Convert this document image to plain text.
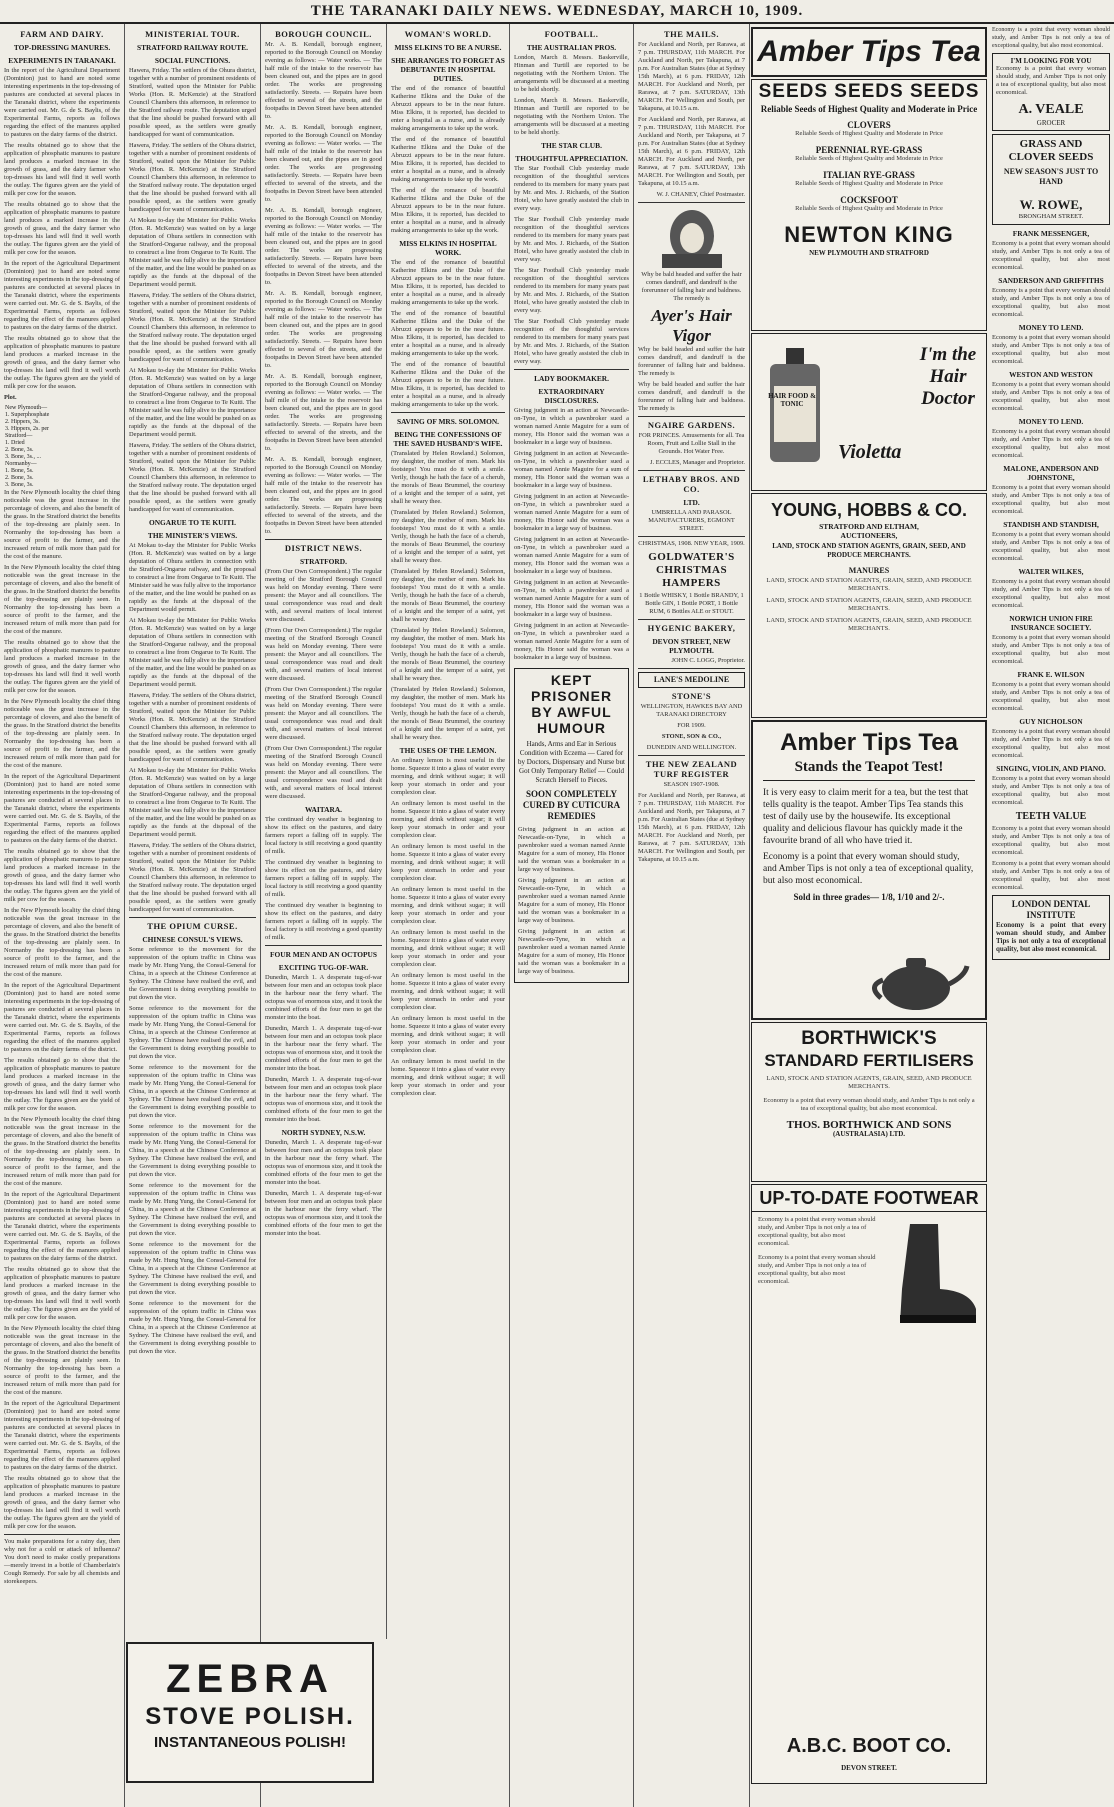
THE TARANAKI DAILY NEWS. WEDNESDAY, MARCH 10, 1909.
FARM AND DAIRY.
TOP-DRESSING MANURES.
EXPERIMENTS IN TARANAKI.

In the report of the Agricultural Department (Dominion) just to hand are noted some interesting experiments in the top-dressing of pastures are conducted at several places in the Taranaki district, where the experiments were carried out. Mr. G. de S. Baylis, of the Experimental Farms, reports as follows regarding the effect of the manures applied to pastures on the dairy farms of the district.

The results obtained go to show that the application of phosphatic manures to pasture land produces a marked increase in the growth of grass, and the dairy farmer who top-dresses his land will find it well worth the outlay. The figures given are the yield of milk per cow for the season.

The results obtained go to show that the application of phosphatic manures to pasture land produces a marked increase in the growth of grass, and the dairy farmer who top-dresses his land will find it well worth the outlay. The figures given are the yield of milk per cow for the season.

In the report of the Agricultural Department (Dominion) just to hand are noted some interesting experiments in the top-dressing of pastures are conducted at several places in the Taranaki district, where the experiments were carried out. Mr. G. de S. Baylis, of the Experimental Farms, reports as follows regarding the effect of the manures applied to pastures on the dairy farms of the district.

The results obtained go to show that the application of phosphatic manures to pasture land produces a marked increase in the growth of grass, and the dairy farmer who top-dresses his land will find it well worth the outlay. The figures given are the yield of milk per cow for the season.

Plot.

New Plymouth—
1. Superphosphate
2. Hippers, 3s.
3. Hippers, 2s. per
Stratford—
1. Dried
2. Bone, 3s.
3. Bone, 3s., ...
Normanby—
1. Bone, 5s.
2. Bone, 3s.
3. Bone, 3s.

In the New Plymouth locality the chief thing noticeable was the great increase in the percentage of clovers, and also the benefit of the grass. In the Stratford district the benefits of the top-dressing are plainly seen. In Normanby the top-dressing has been a source of profit to the farmer, and the increased return of milk more than paid for the cost of the manure.

In the New Plymouth locality the chief thing noticeable was the great increase in the percentage of clovers, and also the benefit of the grass. In the Stratford district the benefits of the top-dressing are plainly seen. In Normanby the top-dressing has been a source of profit to the farmer, and the increased return of milk more than paid for the cost of the manure.

The results obtained go to show that the application of phosphatic manures to pasture land produces a marked increase in the growth of grass, and the dairy farmer who top-dresses his land will find it well worth the outlay. The figures given are the yield of milk per cow for the season.

In the New Plymouth locality the chief thing noticeable was the great increase in the percentage of clovers, and also the benefit of the grass. In the Stratford district the benefits of the top-dressing are plainly seen. In Normanby the top-dressing has been a source of profit to the farmer, and the increased return of milk more than paid for the cost of the manure.

In the report of the Agricultural Department (Dominion) just to hand are noted some interesting experiments in the top-dressing of pastures are conducted at several places in the Taranaki district, where the experiments were carried out. Mr. G. de S. Baylis, of the Experimental Farms, reports as follows regarding the effect of the manures applied to pastures on the dairy farms of the district.

The results obtained go to show that the application of phosphatic manures to pasture land produces a marked increase in the growth of grass, and the dairy farmer who top-dresses his land will find it well worth the outlay. The figures given are the yield of milk per cow for the season.

In the New Plymouth locality the chief thing noticeable was the great increase in the percentage of clovers, and also the benefit of the grass. In the Stratford district the benefits of the top-dressing are plainly seen. In Normanby the top-dressing has been a source of profit to the farmer, and the increased return of milk more than paid for the cost of the manure.

In the report of the Agricultural Department (Dominion) just to hand are noted some interesting experiments in the top-dressing of pastures are conducted at several places in the Taranaki district, where the experiments were carried out. Mr. G. de S. Baylis, of the Experimental Farms, reports as follows regarding the effect of the manures applied to pastures on the dairy farms of the district.

The results obtained go to show that the application of phosphatic manures to pasture land produces a marked increase in the growth of grass, and the dairy farmer who top-dresses his land will find it well worth the outlay. The figures given are the yield of milk per cow for the season.

In the New Plymouth locality the chief thing noticeable was the great increase in the percentage of clovers, and also the benefit of the grass. In the Stratford district the benefits of the top-dressing are plainly seen. In Normanby the top-dressing has been a source of profit to the farmer, and the increased return of milk more than paid for the cost of the manure.

In the report of the Agricultural Department (Dominion) just to hand are noted some interesting experiments in the top-dressing of pastures are conducted at several places in the Taranaki district, where the experiments were carried out. Mr. G. de S. Baylis, of the Experimental Farms, reports as follows regarding the effect of the manures applied to pastures on the dairy farms of the district.

The results obtained go to show that the application of phosphatic manures to pasture land produces a marked increase in the growth of grass, and the dairy farmer who top-dresses his land will find it well worth the outlay. The figures given are the yield of milk per cow for the season.

In the New Plymouth locality the chief thing noticeable was the great increase in the percentage of clovers, and also the benefit of the grass. In the Stratford district the benefits of the top-dressing are plainly seen. In Normanby the top-dressing has been a source of profit to the farmer, and the increased return of milk more than paid for the cost of the manure.

In the report of the Agricultural Department (Dominion) just to hand are noted some interesting experiments in the top-dressing of pastures are conducted at several places in the Taranaki district, where the experiments were carried out. Mr. G. de S. Baylis, of the Experimental Farms, reports as follows regarding the effect of the manures applied to pastures on the dairy farms of the district.

The results obtained go to show that the application of phosphatic manures to pasture land produces a marked increase in the growth of grass, and the dairy farmer who top-dresses his land will find it well worth the outlay. The figures given are the yield of milk per cow for the season.

You make preparations for a rainy day, then why not for a cold or attack of influenza? You don't need to make costly preparations—merely invest in a bottle of Chamberlain's Cough Remedy. For sale by all chemists and storekeepers.

MINISTERIAL TOUR.
STRATFORD RAILWAY ROUTE.
SOCIAL FUNCTIONS.

Hawera, Friday. The settlers of the Ohura district, together with a number of prominent residents of Stratford, waited upon the Minister for Public Works (Hon. R. McKenzie) at the Stratford Council Chambers this afternoon, in reference to the Stratford railway route. The deputation urged that the line should be pushed forward with all possible speed, as the settlers were greatly handicapped for want of communication.

Hawera, Friday. The settlers of the Ohura district, together with a number of prominent residents of Stratford, waited upon the Minister for Public Works (Hon. R. McKenzie) at the Stratford Council Chambers this afternoon, in reference to the Stratford railway route. The deputation urged that the line should be pushed forward with all possible speed, as the settlers were greatly handicapped for want of communication.

At Mokau to-day the Minister for Public Works (Hon. R. McKenzie) was waited on by a large deputation of Ohura settlers in connection with the Stratford-Ongarue railway, and the proposal to construct a line from Ongarue to Te Kuiti. The Minister said he was fully alive to the importance of the matter, and the line would be pushed on as rapidly as the funds at the disposal of the Department would permit.

Hawera, Friday. The settlers of the Ohura district, together with a number of prominent residents of Stratford, waited upon the Minister for Public Works (Hon. R. McKenzie) at the Stratford Council Chambers this afternoon, in reference to the Stratford railway route. The deputation urged that the line should be pushed forward with all possible speed, as the settlers were greatly handicapped for want of communication.

At Mokau to-day the Minister for Public Works (Hon. R. McKenzie) was waited on by a large deputation of Ohura settlers in connection with the Stratford-Ongarue railway, and the proposal to construct a line from Ongarue to Te Kuiti. The Minister said he was fully alive to the importance of the matter, and the line would be pushed on as rapidly as the funds at the disposal of the Department would permit.

Hawera, Friday. The settlers of the Ohura district, together with a number of prominent residents of Stratford, waited upon the Minister for Public Works (Hon. R. McKenzie) at the Stratford Council Chambers this afternoon, in reference to the Stratford railway route. The deputation urged that the line should be pushed forward with all possible speed, as the settlers were greatly handicapped for want of communication.

ONGARUE TO TE KUITI.
THE MINISTER'S VIEWS.

At Mokau to-day the Minister for Public Works (Hon. R. McKenzie) was waited on by a large deputation of Ohura settlers in connection with the Stratford-Ongarue railway, and the proposal to construct a line from Ongarue to Te Kuiti. The Minister said he was fully alive to the importance of the matter, and the line would be pushed on as rapidly as the funds at the disposal of the Department would permit.

At Mokau to-day the Minister for Public Works (Hon. R. McKenzie) was waited on by a large deputation of Ohura settlers in connection with the Stratford-Ongarue railway, and the proposal to construct a line from Ongarue to Te Kuiti. The Minister said he was fully alive to the importance of the matter, and the line would be pushed on as rapidly as the funds at the disposal of the Department would permit.

Hawera, Friday. The settlers of the Ohura district, together with a number of prominent residents of Stratford, waited upon the Minister for Public Works (Hon. R. McKenzie) at the Stratford Council Chambers this afternoon, in reference to the Stratford railway route. The deputation urged that the line should be pushed forward with all possible speed, as the settlers were greatly handicapped for want of communication.

At Mokau to-day the Minister for Public Works (Hon. R. McKenzie) was waited on by a large deputation of Ohura settlers in connection with the Stratford-Ongarue railway, and the proposal to construct a line from Ongarue to Te Kuiti. The Minister said he was fully alive to the importance of the matter, and the line would be pushed on as rapidly as the funds at the disposal of the Department would permit.

Hawera, Friday. The settlers of the Ohura district, together with a number of prominent residents of Stratford, waited upon the Minister for Public Works (Hon. R. McKenzie) at the Stratford Council Chambers this afternoon, in reference to the Stratford railway route. The deputation urged that the line should be pushed forward with all possible speed, as the settlers were greatly handicapped for want of communication.

THE OPIUM CURSE.
CHINESE CONSUL'S VIEWS.

Some reference to the movement for the suppression of the opium traffic in China was made by Mr. Hung Yung, the Consul-General for China, in a speech at the Chinese Conference at Sydney. The Chinese have realised the evil, and the Government is doing everything possible to put down the vice.

Some reference to the movement for the suppression of the opium traffic in China was made by Mr. Hung Yung, the Consul-General for China, in a speech at the Chinese Conference at Sydney. The Chinese have realised the evil, and the Government is doing everything possible to put down the vice.

Some reference to the movement for the suppression of the opium traffic in China was made by Mr. Hung Yung, the Consul-General for China, in a speech at the Chinese Conference at Sydney. The Chinese have realised the evil, and the Government is doing everything possible to put down the vice.

Some reference to the movement for the suppression of the opium traffic in China was made by Mr. Hung Yung, the Consul-General for China, in a speech at the Chinese Conference at Sydney. The Chinese have realised the evil, and the Government is doing everything possible to put down the vice.

Some reference to the movement for the suppression of the opium traffic in China was made by Mr. Hung Yung, the Consul-General for China, in a speech at the Chinese Conference at Sydney. The Chinese have realised the evil, and the Government is doing everything possible to put down the vice.

Some reference to the movement for the suppression of the opium traffic in China was made by Mr. Hung Yung, the Consul-General for China, in a speech at the Chinese Conference at Sydney. The Chinese have realised the evil, and the Government is doing everything possible to put down the vice.

Some reference to the movement for the suppression of the opium traffic in China was made by Mr. Hung Yung, the Consul-General for China, in a speech at the Chinese Conference at Sydney. The Chinese have realised the evil, and the Government is doing everything possible to put down the vice.

ZEBRA
STOVE POLISH.
INSTANTANEOUS POLISH!
BOROUGH COUNCIL.

Mr. A. B. Kendall, borough engineer, reported to the Borough Council on Monday evening as follows: — Water works. — The half mile of the intake to the reservoir has been cleaned out, and the pipes are in good order. The works are progressing satisfactorily. Streets. — Repairs have been effected to several of the streets, and the footpaths in Devon Street have been attended to.

Mr. A. B. Kendall, borough engineer, reported to the Borough Council on Monday evening as follows: — Water works. — The half mile of the intake to the reservoir has been cleaned out, and the pipes are in good order. The works are progressing satisfactorily. Streets. — Repairs have been effected to several of the streets, and the footpaths in Devon Street have been attended to.

Mr. A. B. Kendall, borough engineer, reported to the Borough Council on Monday evening as follows: — Water works. — The half mile of the intake to the reservoir has been cleaned out, and the pipes are in good order. The works are progressing satisfactorily. Streets. — Repairs have been effected to several of the streets, and the footpaths in Devon Street have been attended to.

Mr. A. B. Kendall, borough engineer, reported to the Borough Council on Monday evening as follows: — Water works. — The half mile of the intake to the reservoir has been cleaned out, and the pipes are in good order. The works are progressing satisfactorily. Streets. — Repairs have been effected to several of the streets, and the footpaths in Devon Street have been attended to.

Mr. A. B. Kendall, borough engineer, reported to the Borough Council on Monday evening as follows: — Water works. — The half mile of the intake to the reservoir has been cleaned out, and the pipes are in good order. The works are progressing satisfactorily. Streets. — Repairs have been effected to several of the streets, and the footpaths in Devon Street have been attended to.

Mr. A. B. Kendall, borough engineer, reported to the Borough Council on Monday evening as follows: — Water works. — The half mile of the intake to the reservoir has been cleaned out, and the pipes are in good order. The works are progressing satisfactorily. Streets. — Repairs have been effected to several of the streets, and the footpaths in Devon Street have been attended to.

DISTRICT NEWS.
STRATFORD.

(From Our Own Correspondent.) The regular meeting of the Stratford Borough Council was held on Monday evening. There were present: the Mayor and all councillors. The usual correspondence was read and dealt with, and several matters of local interest were discussed.

(From Our Own Correspondent.) The regular meeting of the Stratford Borough Council was held on Monday evening. There were present: the Mayor and all councillors. The usual correspondence was read and dealt with, and several matters of local interest were discussed.

(From Our Own Correspondent.) The regular meeting of the Stratford Borough Council was held on Monday evening. There were present: the Mayor and all councillors. The usual correspondence was read and dealt with, and several matters of local interest were discussed.

(From Our Own Correspondent.) The regular meeting of the Stratford Borough Council was held on Monday evening. There were present: the Mayor and all councillors. The usual correspondence was read and dealt with, and several matters of local interest were discussed.

WAITARA.

The continued dry weather is beginning to show its effect on the pastures, and dairy farmers report a falling off in supply. The local factory is still receiving a good quantity of milk.

The continued dry weather is beginning to show its effect on the pastures, and dairy farmers report a falling off in supply. The local factory is still receiving a good quantity of milk.

The continued dry weather is beginning to show its effect on the pastures, and dairy farmers report a falling off in supply. The local factory is still receiving a good quantity of milk.

FOUR MEN AND AN OCTOPUS
EXCITING TUG-OF-WAR.

Dunedin, March 1. A desperate tug-of-war between four men and an octopus took place in the harbour near the ferry wharf. The octopus was of enormous size, and it took the combined efforts of the four men to get the monster into the boat.

Dunedin, March 1. A desperate tug-of-war between four men and an octopus took place in the harbour near the ferry wharf. The octopus was of enormous size, and it took the combined efforts of the four men to get the monster into the boat.

Dunedin, March 1. A desperate tug-of-war between four men and an octopus took place in the harbour near the ferry wharf. The octopus was of enormous size, and it took the combined efforts of the four men to get the monster into the boat.

NORTH SYDNEY, N.S.W.

Dunedin, March 1. A desperate tug-of-war between four men and an octopus took place in the harbour near the ferry wharf. The octopus was of enormous size, and it took the combined efforts of the four men to get the monster into the boat.

Dunedin, March 1. A desperate tug-of-war between four men and an octopus took place in the harbour near the ferry wharf. The octopus was of enormous size, and it took the combined efforts of the four men to get the monster into the boat.

WOMAN'S WORLD.
MISS ELKINS TO BE A NURSE.
SHE ARRANGES TO FORGET AS DEBUTANTE IN HOSPITAL DUTIES.

The end of the romance of beautiful Katherine Elkins and the Duke of the Abruzzi appears to be in the near future. Miss Elkins, it is reported, has decided to enter a hospital as a nurse, and is already making arrangements to take up the work.

The end of the romance of beautiful Katherine Elkins and the Duke of the Abruzzi appears to be in the near future. Miss Elkins, it is reported, has decided to enter a hospital as a nurse, and is already making arrangements to take up the work.

The end of the romance of beautiful Katherine Elkins and the Duke of the Abruzzi appears to be in the near future. Miss Elkins, it is reported, has decided to enter a hospital as a nurse, and is already making arrangements to take up the work.

MISS ELKINS IN HOSPITAL WORK.

The end of the romance of beautiful Katherine Elkins and the Duke of the Abruzzi appears to be in the near future. Miss Elkins, it is reported, has decided to enter a hospital as a nurse, and is already making arrangements to take up the work.

The end of the romance of beautiful Katherine Elkins and the Duke of the Abruzzi appears to be in the near future. Miss Elkins, it is reported, has decided to enter a hospital as a nurse, and is already making arrangements to take up the work.

The end of the romance of beautiful Katherine Elkins and the Duke of the Abruzzi appears to be in the near future. Miss Elkins, it is reported, has decided to enter a hospital as a nurse, and is already making arrangements to take up the work.

SAVING OF MRS. SOLOMON.
BEING THE CONFESSIONS OF THE SAVED HUSBAND'S WIFE.

(Translated by Helen Rowland.) Solomon, my daughter, the mother of men. Mark his footsteps! You must do it with a smile. Verily, though he hath the face of a cherub, the morals of Beau Brummel, the courtesy of a knight and the temper of a saint, yet shall he weary thee.

(Translated by Helen Rowland.) Solomon, my daughter, the mother of men. Mark his footsteps! You must do it with a smile. Verily, though he hath the face of a cherub, the morals of Beau Brummel, the courtesy of a knight and the temper of a saint, yet shall he weary thee.

(Translated by Helen Rowland.) Solomon, my daughter, the mother of men. Mark his footsteps! You must do it with a smile. Verily, though he hath the face of a cherub, the morals of Beau Brummel, the courtesy of a knight and the temper of a saint, yet shall he weary thee.

(Translated by Helen Rowland.) Solomon, my daughter, the mother of men. Mark his footsteps! You must do it with a smile. Verily, though he hath the face of a cherub, the morals of Beau Brummel, the courtesy of a knight and the temper of a saint, yet shall he weary thee.

(Translated by Helen Rowland.) Solomon, my daughter, the mother of men. Mark his footsteps! You must do it with a smile. Verily, though he hath the face of a cherub, the morals of Beau Brummel, the courtesy of a knight and the temper of a saint, yet shall he weary thee.

THE USES OF THE LEMON.

An ordinary lemon is most useful in the home. Squeeze it into a glass of water every morning, and drink without sugar; it will keep your stomach in order and your complexion clear.

An ordinary lemon is most useful in the home. Squeeze it into a glass of water every morning, and drink without sugar; it will keep your stomach in order and your complexion clear.

An ordinary lemon is most useful in the home. Squeeze it into a glass of water every morning, and drink without sugar; it will keep your stomach in order and your complexion clear.

An ordinary lemon is most useful in the home. Squeeze it into a glass of water every morning, and drink without sugar; it will keep your stomach in order and your complexion clear.

An ordinary lemon is most useful in the home. Squeeze it into a glass of water every morning, and drink without sugar; it will keep your stomach in order and your complexion clear.

An ordinary lemon is most useful in the home. Squeeze it into a glass of water every morning, and drink without sugar; it will keep your stomach in order and your complexion clear.

An ordinary lemon is most useful in the home. Squeeze it into a glass of water every morning, and drink without sugar; it will keep your stomach in order and your complexion clear.

An ordinary lemon is most useful in the home. Squeeze it into a glass of water every morning, and drink without sugar; it will keep your stomach in order and your complexion clear.

FOOTBALL.
THE AUSTRALIAN PROS.

London, March 8. Messrs. Baskerville, Hinman and Turtill are reported to be negotiating with the Northern Union. The arrangements will be discussed at a meeting to be held shortly.

London, March 8. Messrs. Baskerville, Hinman and Turtill are reported to be negotiating with the Northern Union. The arrangements will be discussed at a meeting to be held shortly.

THE STAR CLUB.
THOUGHTFUL APPRECIATION.

The Star Football Club yesterday made recognition of the thoughtful services rendered to its members for many years past by Mr. and Mrs. J. Richards, of the Station Hotel, who have greatly assisted the club in every way.

The Star Football Club yesterday made recognition of the thoughtful services rendered to its members for many years past by Mr. and Mrs. J. Richards, of the Station Hotel, who have greatly assisted the club in every way.

The Star Football Club yesterday made recognition of the thoughtful services rendered to its members for many years past by Mr. and Mrs. J. Richards, of the Station Hotel, who have greatly assisted the club in every way.

The Star Football Club yesterday made recognition of the thoughtful services rendered to its members for many years past by Mr. and Mrs. J. Richards, of the Station Hotel, who have greatly assisted the club in every way.

LADY BOOKMAKER.
EXTRAORDINARY DISCLOSURES.

Giving judgment in an action at Newcastle-on-Tyne, in which a pawnbroker sued a woman named Annie Maguire for a sum of money, His Honor said the woman was a bookmaker in a large way of business.

Giving judgment in an action at Newcastle-on-Tyne, in which a pawnbroker sued a woman named Annie Maguire for a sum of money, His Honor said the woman was a bookmaker in a large way of business.

Giving judgment in an action at Newcastle-on-Tyne, in which a pawnbroker sued a woman named Annie Maguire for a sum of money, His Honor said the woman was a bookmaker in a large way of business.

Giving judgment in an action at Newcastle-on-Tyne, in which a pawnbroker sued a woman named Annie Maguire for a sum of money, His Honor said the woman was a bookmaker in a large way of business.

Giving judgment in an action at Newcastle-on-Tyne, in which a pawnbroker sued a woman named Annie Maguire for a sum of money, His Honor said the woman was a bookmaker in a large way of business.

Giving judgment in an action at Newcastle-on-Tyne, in which a pawnbroker sued a woman named Annie Maguire for a sum of money, His Honor said the woman was a bookmaker in a large way of business.

KEPT PRISONER BY AWFUL HUMOUR
Hands, Arms and Ear in Serious Condition with Eczema — Cared for by Doctors, Dispensary and Nurse but Got Only Temporary Relief — Could Scratch Herself to Pieces.
SOON COMPLETELY CURED BY CUTICURA REMEDIES

Giving judgment in an action at Newcastle-on-Tyne, in which a pawnbroker sued a woman named Annie Maguire for a sum of money, His Honor said the woman was a bookmaker in a large way of business.

Giving judgment in an action at Newcastle-on-Tyne, in which a pawnbroker sued a woman named Annie Maguire for a sum of money, His Honor said the woman was a bookmaker in a large way of business.

Giving judgment in an action at Newcastle-on-Tyne, in which a pawnbroker sued a woman named Annie Maguire for a sum of money, His Honor said the woman was a bookmaker in a large way of business.

THE MAILS.

For Auckland and North, per Rarawa, at 7 p.m. THURSDAY, 11th MARCH. For Auckland and North, per Takapuna, at 7 p.m. For Australian States (due at Sydney 15th March), at 6 p.m. FRIDAY, 12th MARCH. For Auckland and North, per Rarawa, at 7 p.m. SATURDAY, 13th MARCH. For Wellington and South, per Takapuna, at 10.15 a.m.

For Auckland and North, per Rarawa, at 7 p.m. THURSDAY, 11th MARCH. For Auckland and North, per Takapuna, at 7 p.m. For Australian States (due at Sydney 15th March), at 6 p.m. FRIDAY, 12th MARCH. For Auckland and North, per Rarawa, at 7 p.m. SATURDAY, 13th MARCH. For Wellington and South, per Takapuna, at 10.15 a.m.

W. J. CHANEY, Chief Postmaster.

Why be bald headed and suffer the hair comes dandruff, and dandruff is the forerunner of falling hair and baldness. The remedy is

Ayer's Hair Vigor

Why be bald headed and suffer the hair comes dandruff, and dandruff is the forerunner of falling hair and baldness. The remedy is

Why be bald headed and suffer the hair comes dandruff, and dandruff is the forerunner of falling hair and baldness. The remedy is

NGAIRE GARDENS.

FOR PRINCES. Amusements for all. Tea Room, Fruit and Lollie Stall in the Grounds. Hot Water Free.

J. ECCLES, Manager and Proprietor.

LETHABY BROS. AND CO.
LTD.

UMBRELLA AND PARASOL MANUFACTURERS, EGMONT STREET.

CHRISTMAS, 1908. NEW YEAR, 1909.

GOLDWATER'S CHRISTMAS HAMPERS

1 Bottle WHISKY, 1 Bottle BRANDY, 1 Bottle GIN, 1 Bottle PORT, 1 Bottle RUM, 6 Bottles ALE or STOUT.

HYGENIC BAKERY,
DEVON STREET, NEW PLYMOUTH.

JOHN C. LOGG, Proprietor.

LANE'S MEDOLINE
STONE'S

WELLINGTON, HAWKES BAY AND TARANAKI DIRECTORY

FOR 1909.

STONE, SON & CO.,

DUNEDIN AND WELLINGTON.

THE NEW ZEALAND TURF REGISTER

SEASON 1907-1908.

For Auckland and North, per Rarawa, at 7 p.m. THURSDAY, 11th MARCH. For Auckland and North, per Takapuna, at 7 p.m. For Australian States (due at Sydney 15th March), at 6 p.m. FRIDAY, 12th MARCH. For Auckland and North, per Rarawa, at 7 p.m. SATURDAY, 13th MARCH. For Wellington and South, per Takapuna, at 10.15 a.m.

Amber Tips Tea
SEEDS SEEDS SEEDS
Reliable Seeds of Highest Quality and Moderate in Price
CLOVERS

Reliable Seeds of Highest Quality and Moderate in Price

PERENNIAL RYE-GRASS

Reliable Seeds of Highest Quality and Moderate in Price

ITALIAN RYE-GRASS

Reliable Seeds of Highest Quality and Moderate in Price

COCKSFOOT

Reliable Seeds of Highest Quality and Moderate in Price

NEWTON KING
NEW PLYMOUTH AND STRATFORD
HAIR FOOD & TONIC
I'm the Hair Doctor
Violetta
YOUNG, HOBBS & CO.
STRATFORD AND ELTHAM,
AUCTIONEERS,
LAND, STOCK AND STATION AGENTS, GRAIN, SEED, AND PRODUCE MERCHANTS.
MANURES

LAND, STOCK AND STATION AGENTS, GRAIN, SEED, AND PRODUCE MERCHANTS.

LAND, STOCK AND STATION AGENTS, GRAIN, SEED, AND PRODUCE MERCHANTS.

LAND, STOCK AND STATION AGENTS, GRAIN, SEED, AND PRODUCE MERCHANTS.

Amber Tips Tea
Stands the Teapot Test!

It is very easy to claim merit for a tea, but the test that tells quality is the teapot. Amber Tips Tea stands this test of daily use by the housewife. Its exceptional quality and delicious flavour has quickly made it the favourite brand of all who have tried it.

Economy is a point that every woman should study, and Amber Tips is not only a tea of exceptional quality, but also most economical.

Sold in three grades— 1/8, 1/10 and 2/-.
BORTHWICK'S
STANDARD FERTILISERS

LAND, STOCK AND STATION AGENTS, GRAIN, SEED, AND PRODUCE MERCHANTS.

Economy is a point that every woman should study, and Amber Tips is not only a tea of exceptional quality, but also most economical.

THOS. BORTHWICK AND SONS
(AUSTRALASIA) LTD.
UP-TO-DATE FOOTWEAR

Economy is a point that every woman should study, and Amber Tips is not only a tea of exceptional quality, but also most economical.

Economy is a point that every woman should study, and Amber Tips is not only a tea of exceptional quality, but also most economical.

A.B.C. BOOT CO.
DEVON STREET.

Economy is a point that every woman should study, and Amber Tips is not only a tea of exceptional quality, but also most economical.

I'M LOOKING FOR YOU

Economy is a point that every woman should study, and Amber Tips is not only a tea of exceptional quality, but also most economical.

A. VEALE
GROCER
GRASS AND CLOVER SEEDS
NEW SEASON'S JUST TO HAND
W. ROWE,
BRONGHAM STREET.
FRANK MESSENGER,

Economy is a point that every woman should study, and Amber Tips is not only a tea of exceptional quality, but also most economical.

SANDERSON AND GRIFFITHS

Economy is a point that every woman should study, and Amber Tips is not only a tea of exceptional quality, but also most economical.

MONEY TO LEND.

Economy is a point that every woman should study, and Amber Tips is not only a tea of exceptional quality, but also most economical.

WESTON AND WESTON

Economy is a point that every woman should study, and Amber Tips is not only a tea of exceptional quality, but also most economical.

MONEY TO LEND.

Economy is a point that every woman should study, and Amber Tips is not only a tea of exceptional quality, but also most economical.

MALONE, ANDERSON AND JOHNSTONE,

Economy is a point that every woman should study, and Amber Tips is not only a tea of exceptional quality, but also most economical.

STANDISH AND STANDISH,

Economy is a point that every woman should study, and Amber Tips is not only a tea of exceptional quality, but also most economical.

WALTER WILKES,

Economy is a point that every woman should study, and Amber Tips is not only a tea of exceptional quality, but also most economical.

NORWICH UNION FIRE INSURANCE SOCIETY.

Economy is a point that every woman should study, and Amber Tips is not only a tea of exceptional quality, but also most economical.

FRANK E. WILSON

Economy is a point that every woman should study, and Amber Tips is not only a tea of exceptional quality, but also most economical.

GUY NICHOLSON

Economy is a point that every woman should study, and Amber Tips is not only a tea of exceptional quality, but also most economical.

SINGING, VIOLIN, AND PIANO.

Economy is a point that every woman should study, and Amber Tips is not only a tea of exceptional quality, but also most economical.

TEETH VALUE

Economy is a point that every woman should study, and Amber Tips is not only a tea of exceptional quality, but also most economical.

Economy is a point that every woman should study, and Amber Tips is not only a tea of exceptional quality, but also most economical.

LONDON DENTAL INSTITUTE

Economy is a point that every woman should study, and Amber Tips is not only a tea of exceptional quality, but also most economical.
